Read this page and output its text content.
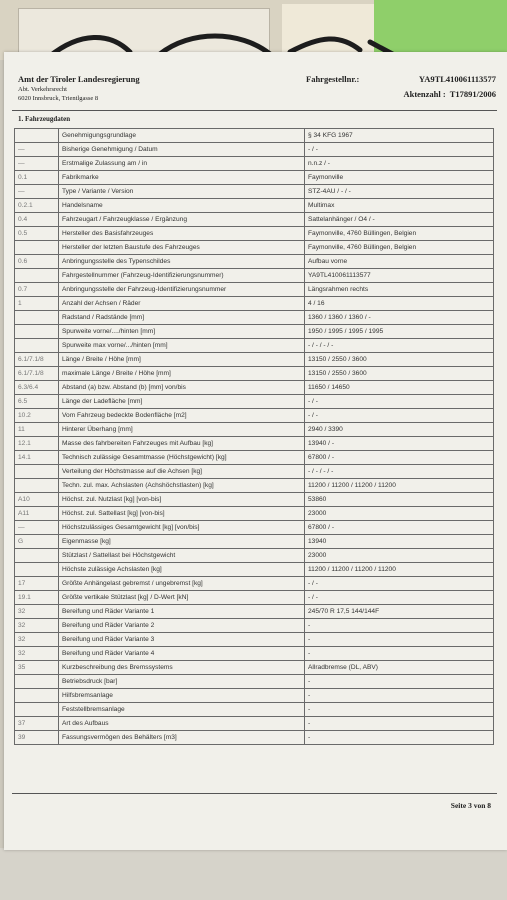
Amt der Tiroler Landesregierung
Abt. Verkehrsrecht
6020 Innsbruck, Trientlgasse 8
Fahrgestellnr.:	YA9TL410061113577
Aktenzahl : T17891/2006
1. Fahrzeugdaten
	Genehmigungsgrundlage	§ 34 KFG 1967
—	Bisherige Genehmigung / Datum	- / -
—	Erstmalige Zulassung am / in	n.n.z / -
0.1	Fabrikmarke	Faymonville
—	Type / Variante / Version	STZ-4AU / - / -
0.2.1	Handelsname	Multimax
0.4	Fahrzeugart / Fahrzeugklasse / Ergänzung	Sattelanhänger / O4 / -
0.5	Hersteller des Basisfahrzeuges	Faymonville, 4760 Büllingen, Belgien
	Hersteller der letzten Baustufe des Fahrzeuges	Faymonville, 4760 Büllingen, Belgien
0.6	Anbringungsstelle des Typenschildes	Aufbau vorne
	Fahrgestellnummer (Fahrzeug-Identifizierungsnummer)	YA9TL410061113577
0.7	Anbringungsstelle der Fahrzeug-Identifizierungsnummer	Längsrahmen rechts
1	Anzahl der Achsen / Räder	4 / 16
	Radstand / Radstände [mm]	1360 / 1360 / 1360 / -
	Spurweite vorne/..../hinten [mm]	1950 / 1995 / 1995 / 1995
	Spurweite max vorne/.../hinten [mm]	- / - / - / -
6.1/7.1/8	Länge / Breite / Höhe [mm]	13150 / 2550 / 3600
6.1/7.1/8	maximale Länge / Breite / Höhe [mm]	13150 / 2550 / 3600
6.3/6.4	Abstand (a) bzw. Abstand (b) [mm] von/bis	11650 / 14650
6.5	Länge der Ladefläche [mm]	- / -
10.2	Vom Fahrzeug bedeckte Bodenfläche [m2]	- / -
11	Hinterer Überhang [mm]	2940 / 3390
12.1	Masse des fahrbereiten Fahrzeuges mit Aufbau [kg]	13940 / -
14.1	Technisch zulässige Gesamtmasse (Höchstgewicht) [kg]	67800 / -
	Verteilung der Höchstmasse auf die Achsen [kg]	- / - / - / -
	Techn. zul. max. Achslasten (Achshöchstlasten) [kg]	11200 / 11200 / 11200 / 11200
A10	Höchst. zul. Nutzlast [kg] [von-bis]	53860
A11	Höchst. zul. Sattellast [kg] [von-bis]	23000
—	Höchstzulässiges Gesamtgewicht [kg] [von/bis]	67800 / -
G	Eigenmasse [kg]	13940
	Stützlast / Sattellast bei Höchstgewicht	23000
	Höchste zulässige Achslasten [kg]	11200 / 11200 / 11200 / 11200
17	Größte Anhängelast gebremst / ungebremst [kg]	- / -
19.1	Größte vertikale Stützlast [kg] / D-Wert [kN]	- / -
32	Bereifung und Räder Variante 1	245/70 R 17,5 144/144F
32	Bereifung und Räder Variante 2	-
32	Bereifung und Räder Variante 3	-
32	Bereifung und Räder Variante 4	-
35	Kurzbeschreibung des Bremssystems	Allradbremse (DL, ABV)
	Betriebsdruck [bar]	-
	Hilfsbremsanlage	-
	Feststellbremsanlage	-
37	Art des Aufbaus	-
39	Fassungsvermögen des Behälters [m3]	-
Seite 3 von 8
